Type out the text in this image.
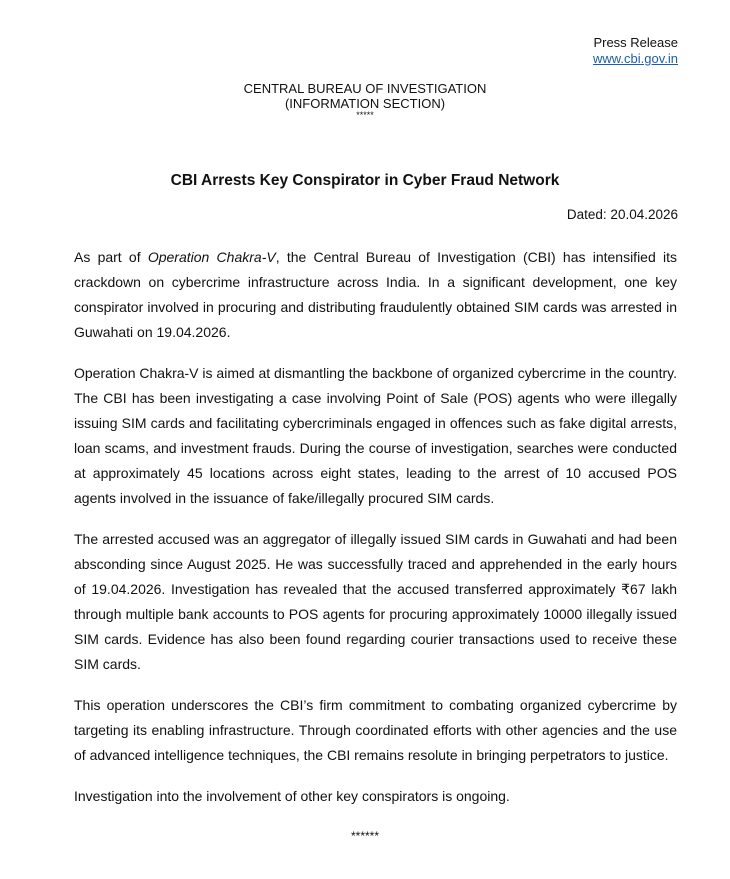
Press Release
www.cbi.gov.in
CENTRAL BUREAU OF INVESTIGATION
(INFORMATION SECTION)
*****
CBI Arrests Key Conspirator in Cyber Fraud Network
Dated: 20.04.2026

As part of Operation Chakra-V, the Central Bureau of Investigation (CBI) has intensified its crackdown on cybercrime infrastructure across India. In a significant development, one key conspirator involved in procuring and distributing fraudulently obtained SIM cards was arrested in Guwahati on 19.04.2026.

Operation Chakra-V is aimed at dismantling the backbone of organized cybercrime in the country. The CBI has been investigating a case involving Point of Sale (POS) agents who were illegally issuing SIM cards and facilitating cybercriminals engaged in offences such as fake digital arrests, loan scams, and investment frauds. During the course of investigation, searches were conducted at approximately 45 locations across eight states, leading to the arrest of 10 accused POS agents involved in the issuance of fake/illegally procured SIM cards.

The arrested accused was an aggregator of illegally issued SIM cards in Guwahati and had been absconding since August 2025. He was successfully traced and apprehended in the early hours of 19.04.2026. Investigation has revealed that the accused transferred approximately ₹67 lakh through multiple bank accounts to POS agents for procuring approximately 10000 illegally issued SIM cards. Evidence has also been found regarding courier transactions used to receive these SIM cards.

This operation underscores the CBI’s firm commitment to combating organized cybercrime by targeting its enabling infrastructure. Through coordinated efforts with other agencies and the use of advanced intelligence techniques, the CBI remains resolute in bringing perpetrators to justice.

Investigation into the involvement of other key conspirators is ongoing.

******
